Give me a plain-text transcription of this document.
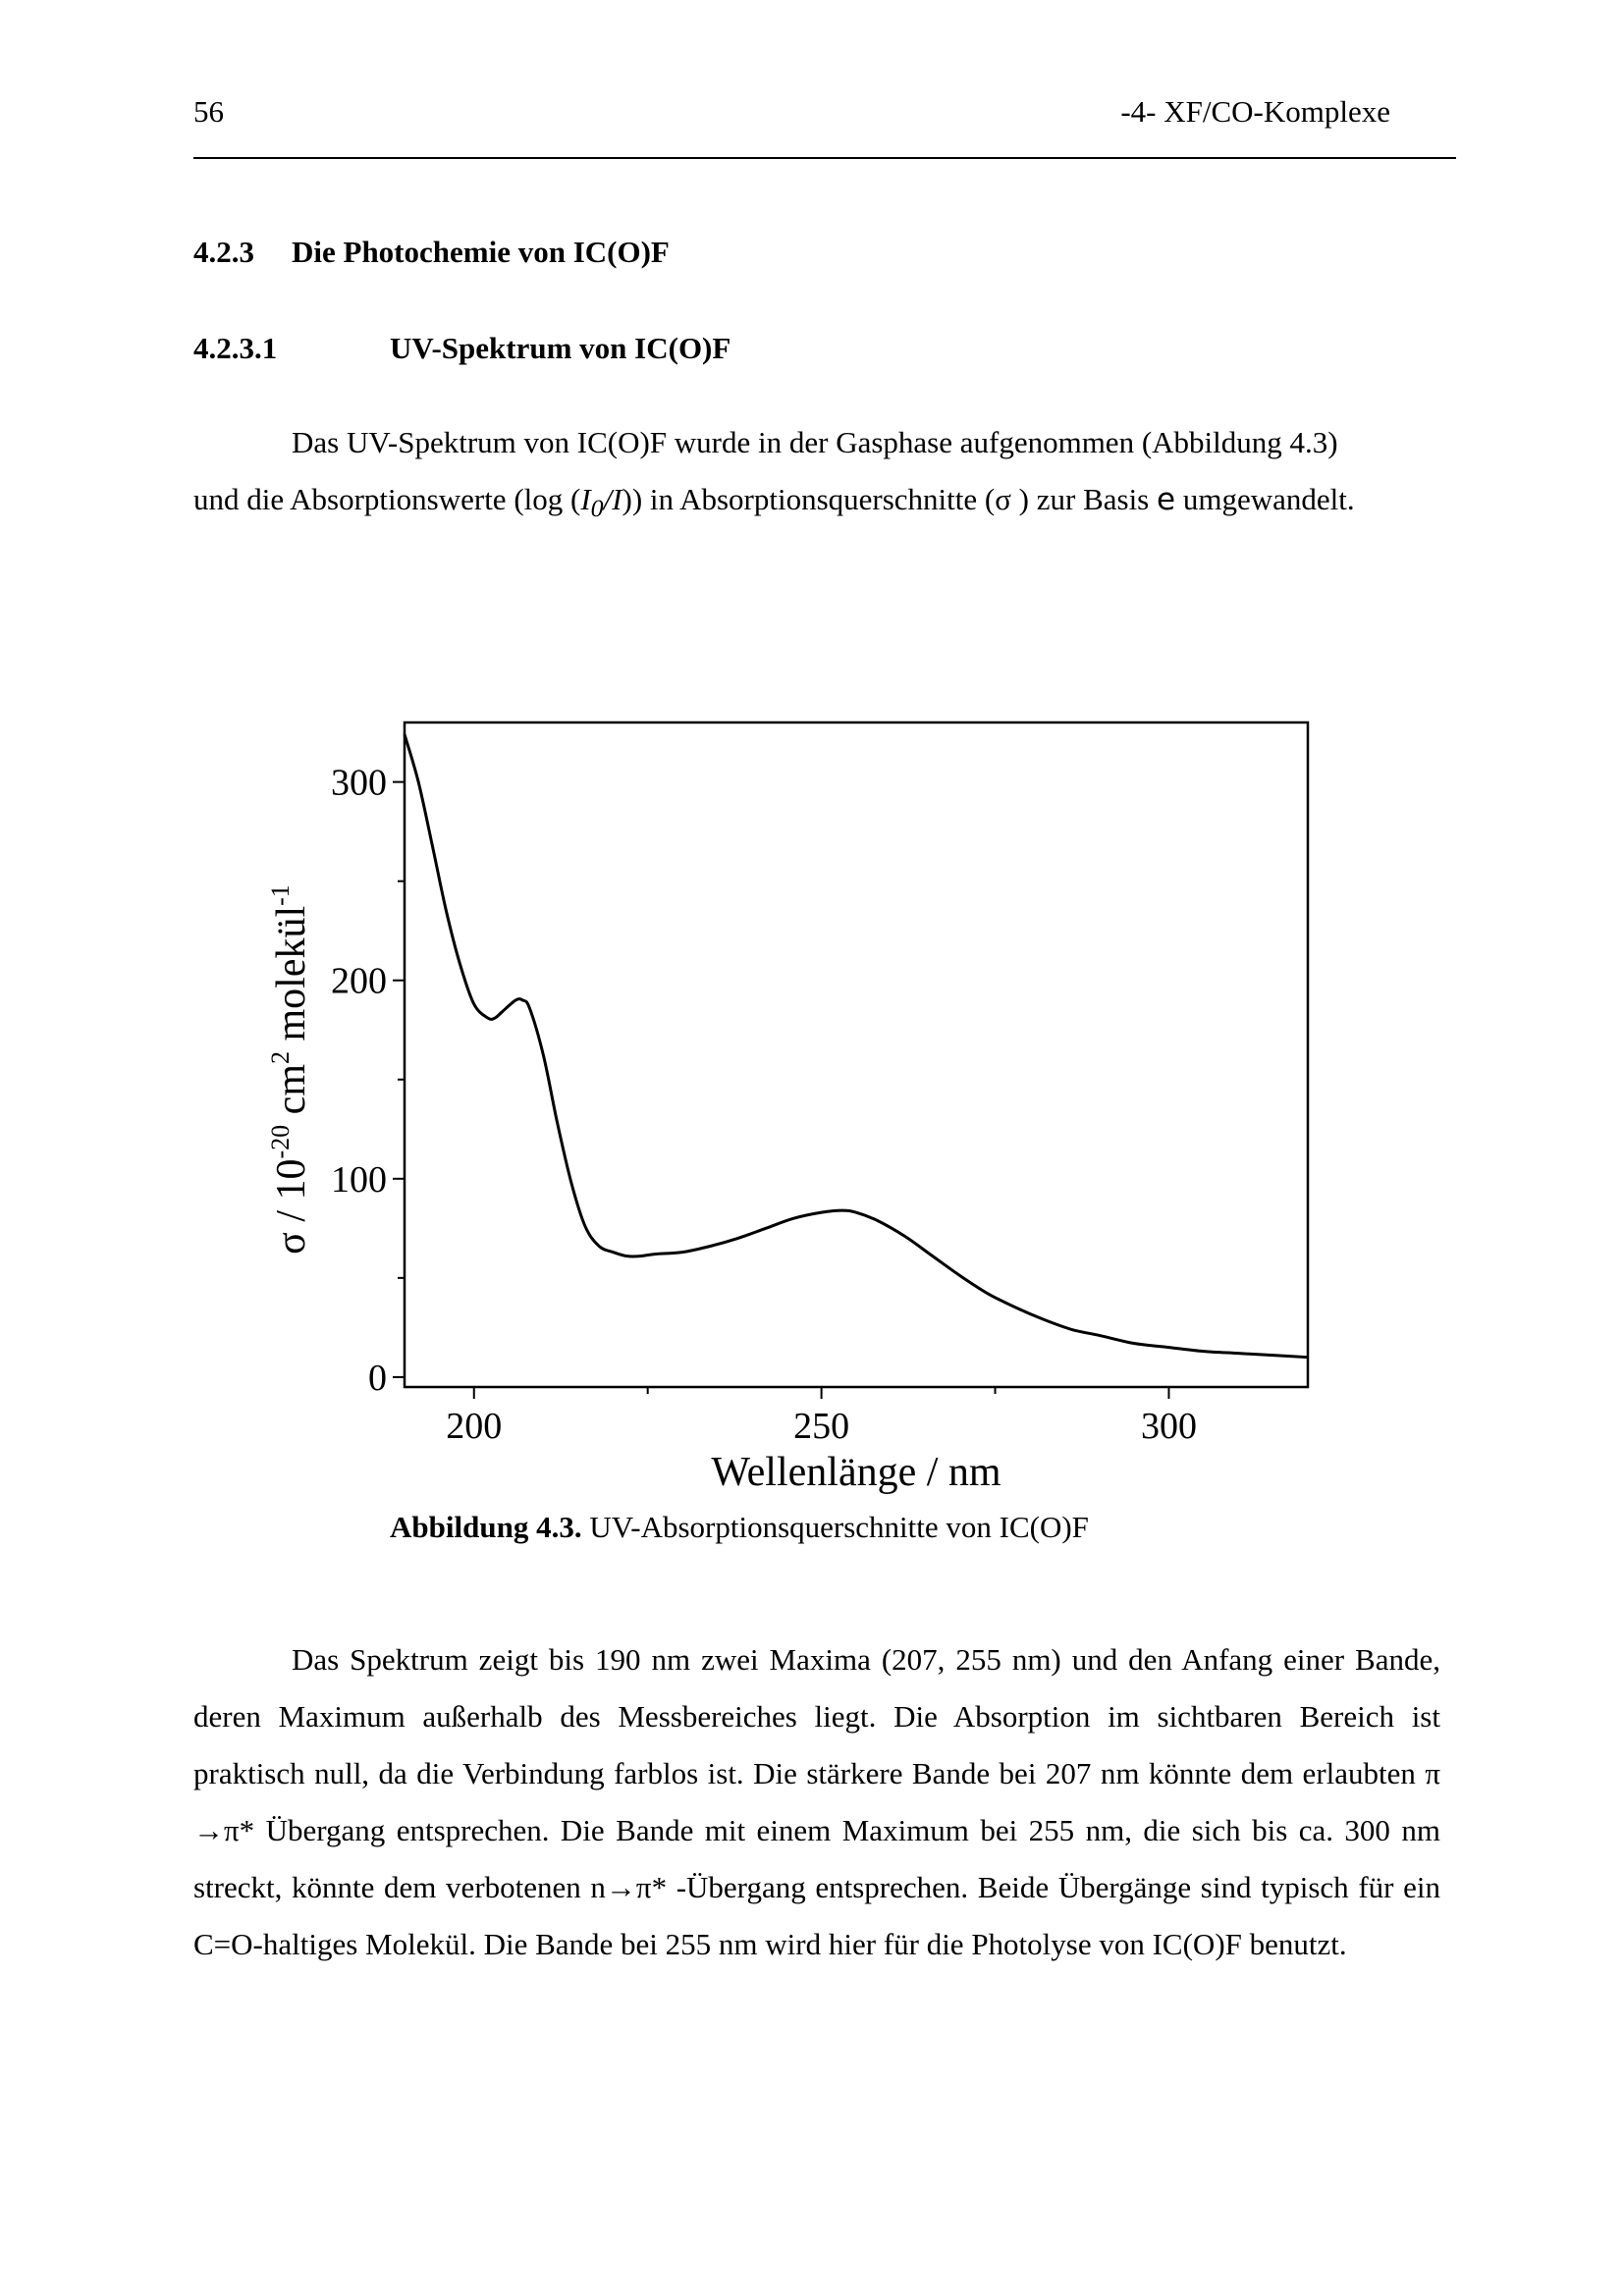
56	-4- XF/CO-Komplexe
4.2.3 Die Photochemie von IC(O)F
4.2.3.1	UV-Spektrum von IC(O)F
Das UV-Spektrum von IC(O)F wurde in der Gasphase aufgenommen (Abbildung 4.3)
und die Absorptionswerte (log $(I_0/I)$) in Absorptionsquerschnitte (σ ) zur Basis e umgewandelt.
200	250	300
0
100
200
300
Wellenlänge / nm
σ / $10^{-20}$ $cm^2$ molekül$^{-1}$
Abbildung 4.3. UV-Absorptionsquerschnitte von IC(O)F
Das Spektrum zeigt bis 190 nm zwei Maxima (207, 255 nm) und den Anfang einer Bande, deren Maximum außerhalb des Messbereiches liegt. Die Absorption im sichtbaren Bereich ist praktisch null, da die Verbindung farblos ist. Die stärkere Bande bei 207 nm könnte dem erlaubten π →π* Übergang entsprechen. Die Bande mit einem Maximum bei 255 nm, die sich bis ca. 300 nm streckt, könnte dem verbotenen n→π* -Übergang entsprechen. Beide Übergänge sind typisch für ein C=O-haltiges Molekül. Die Bande bei 255 nm wird hier für die Photolyse von IC(O)F benutzt.
